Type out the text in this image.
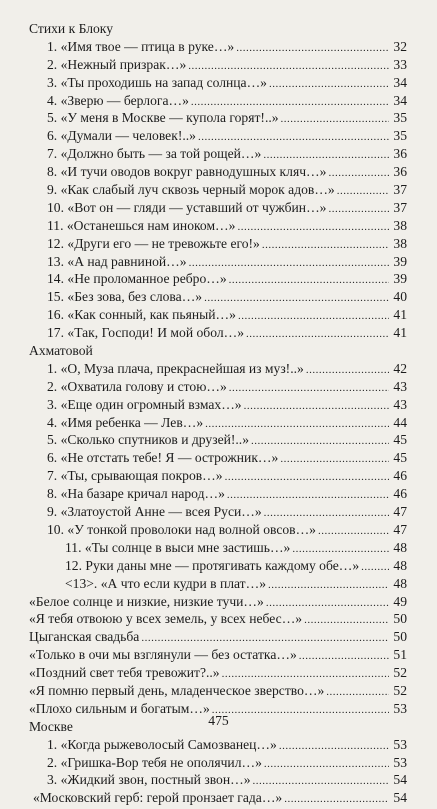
Стихи к Блоку
1. «Имя твое — птица в руке…» .....	32
2. «Нежный призрак…» .....	33
3. «Ты проходишь на запад солнца…» .....	34
4. «Зверю — берлога…» .....	34
5. «У меня в Москве — купола горят!..» .....	35
6. «Думали — человек!..» .....	35
7. «Должно быть — за той рощей…» .....	36
8. «И тучи оводов вокруг равнодушных кляч…» .....	36
9. «Как слабый луч сквозь черный морок адов…» .....	37
10. «Вот он — гляди — уставший от чужбин…» .....	37
11. «Останешься нам иноком…» .....	38
12. «Други его — не тревожьте его!» .....	38
13. «А над равниной…» .....	39
14. «Не проломанное ребро…» .....	39
15. «Без зова, без слова…» .....	40
16. «Как сонный, как пьяный…» .....	41
17. «Так, Господи! И мой обол…» .....	41
Ахматовой
1. «О, Муза плача, прекраснейшая из муз!..» .....	42
2. «Охватила голову и стою…» .....	43
3. «Еще один огромный взмах…» .....	43
4. «Имя ребенка — Лев…» .....	44
5. «Сколько спутников и друзей!..» .....	45
6. «Не отстать тебе! Я — острожник…» .....	45
7. «Ты, срывающая покров…» .....	46
8. «На базаре кричал народ…» .....	46
9. «Златоустой Анне — всея Руси…» .....	47
10. «У тонкой проволоки над волной овсов…» .....	47
11. «Ты солнце в выси мне застишь…» .....	48
12. Руки даны мне — протягивать каждому обе…» .....	48
<13>. «А что если кудри в плат…» .....	48
«Белое солнце и низкие, низкие тучи…» .....	49
«Я тебя отвоюю у всех земель, у всех небес…» .....	50
Цыганская свадьба .....	50
«Только в очи мы взглянули — без остатка…» .....	51
«Поздний свет тебя тревожит?..» .....	52
«Я помню первый день, младенческое зверство…» .....	52
«Плохо сильным и богатым…» .....	53
Москве
1. «Когда рыжеволосый Самозванец…» .....	53
2. «Гришка-Вор тебя не ополячил…» .....	53
3. «Жидкий звон, постный звон…» .....	54
«Московский герб: герой пронзает гада…» .....	54
475
